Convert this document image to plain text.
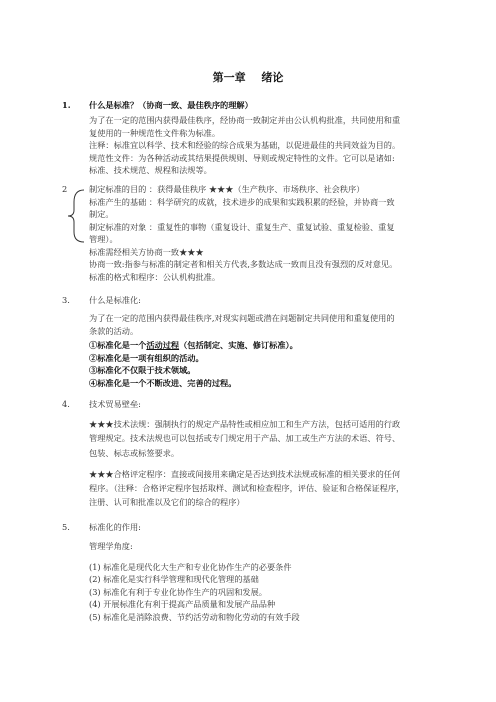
第一章 绪论
1. 什么是标准？（协商一致、最佳秩序的理解）

为了在一定的范围内获得最佳秩序，经协商一致制定并由公认机构批准，共同使用和重

复使用的一种规范性文件称为标准。

注释：标准宜以科学、技术和经验的综合成果为基础，以促进最佳的共同效益为目的。

规范性文件：为各种活动或其结果提供规则、导则或规定特性的文件。它可以是诸如:

标准、技术规范、规程和法规等。

2	制定标准的目的 ：获得最佳秩序 ★★★（生产秩序、市场秩序、社会秩序）

标准产生的基础 ：科学研究的成就，技术进步的成果和实践积累的经验，并协商一致

制定。

制定标准的对象 ：重复性的事物（重复设计、重复生产、重复试验、重复检验、重复

管理）。

标准需经相关方协商一致★★★

协商一致:指参与标准的制定者和相关方代表,多数达成一致而且没有强烈的反对意见。

标准的格式和程序：公认机构批准。

3. 什么是标准化:

为了在一定的范围内获得最佳秩序,对现实问题或潜在问题制定共同使用和重复使用的

条款的活动。

①标准化是一个活动过程（包括制定、实施、修订标准）。

②标准化是一项有组织的活动。

③标准化不仅限于技术领域。

④标准化是一个不断改进、完善的过程。

4. 技术贸易壁垒:

★★★技术法规：强制执行的规定产品特性或相应加工和生产方法，包括可适用的行政

管理规定。技术法规也可以包括或专门规定用于产品、加工或生产方法的术语、符号、

包装、标志或标签要求。

★★★合格评定程序：直接或间接用来确定是否达到技术法规或标准的相关要求的任何

程序。（注释：合格评定程序包括取样、测试和检查程序，评估、验证和合格保证程序，

注册、认可和批准以及它们的综合的程序）

5. 标准化的作用:
管理学角度:

(1) 标准化是现代化大生产和专业化协作生产的必要条件

(2) 标准化是实行科学管理和现代化管理的基础

(3) 标准化有利于专业化协作生产的巩固和发展。

(4) 开展标准化有利于提高产品质量和发展产品品种

(5) 标准化是消除浪费、节约活劳动和物化劳动的有效手段
